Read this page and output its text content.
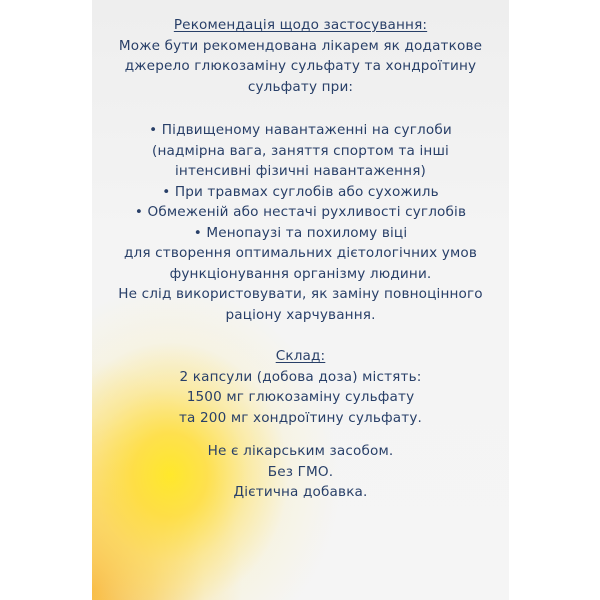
Рекомендація щодо застосування:
Може бути рекомендована лікарем як додаткове
джерело глюкозаміну сульфату та хондроїтину
сульфату при:
• Підвищеному навантаженні на суглоби
(надмірна вага, заняття спортом та інші
інтенсивні фізичні навантаження)
• При травмах суглобів або сухожиль
• Обмеженій або нестачі рухливості суглобів
• Менопаузі та похилому віці
для створення оптимальних дієтологічних умов
функціонування організму людини.
Не слід використовувати, як заміну повноцінного
раціону харчування.
Склад:
2 капсули (добова доза) містять:
1500 мг глюкозаміну сульфату
та 200 мг хондроїтину сульфату.
Не є лікарським засобом.
Без ГМО.
Дієтична добавка.
